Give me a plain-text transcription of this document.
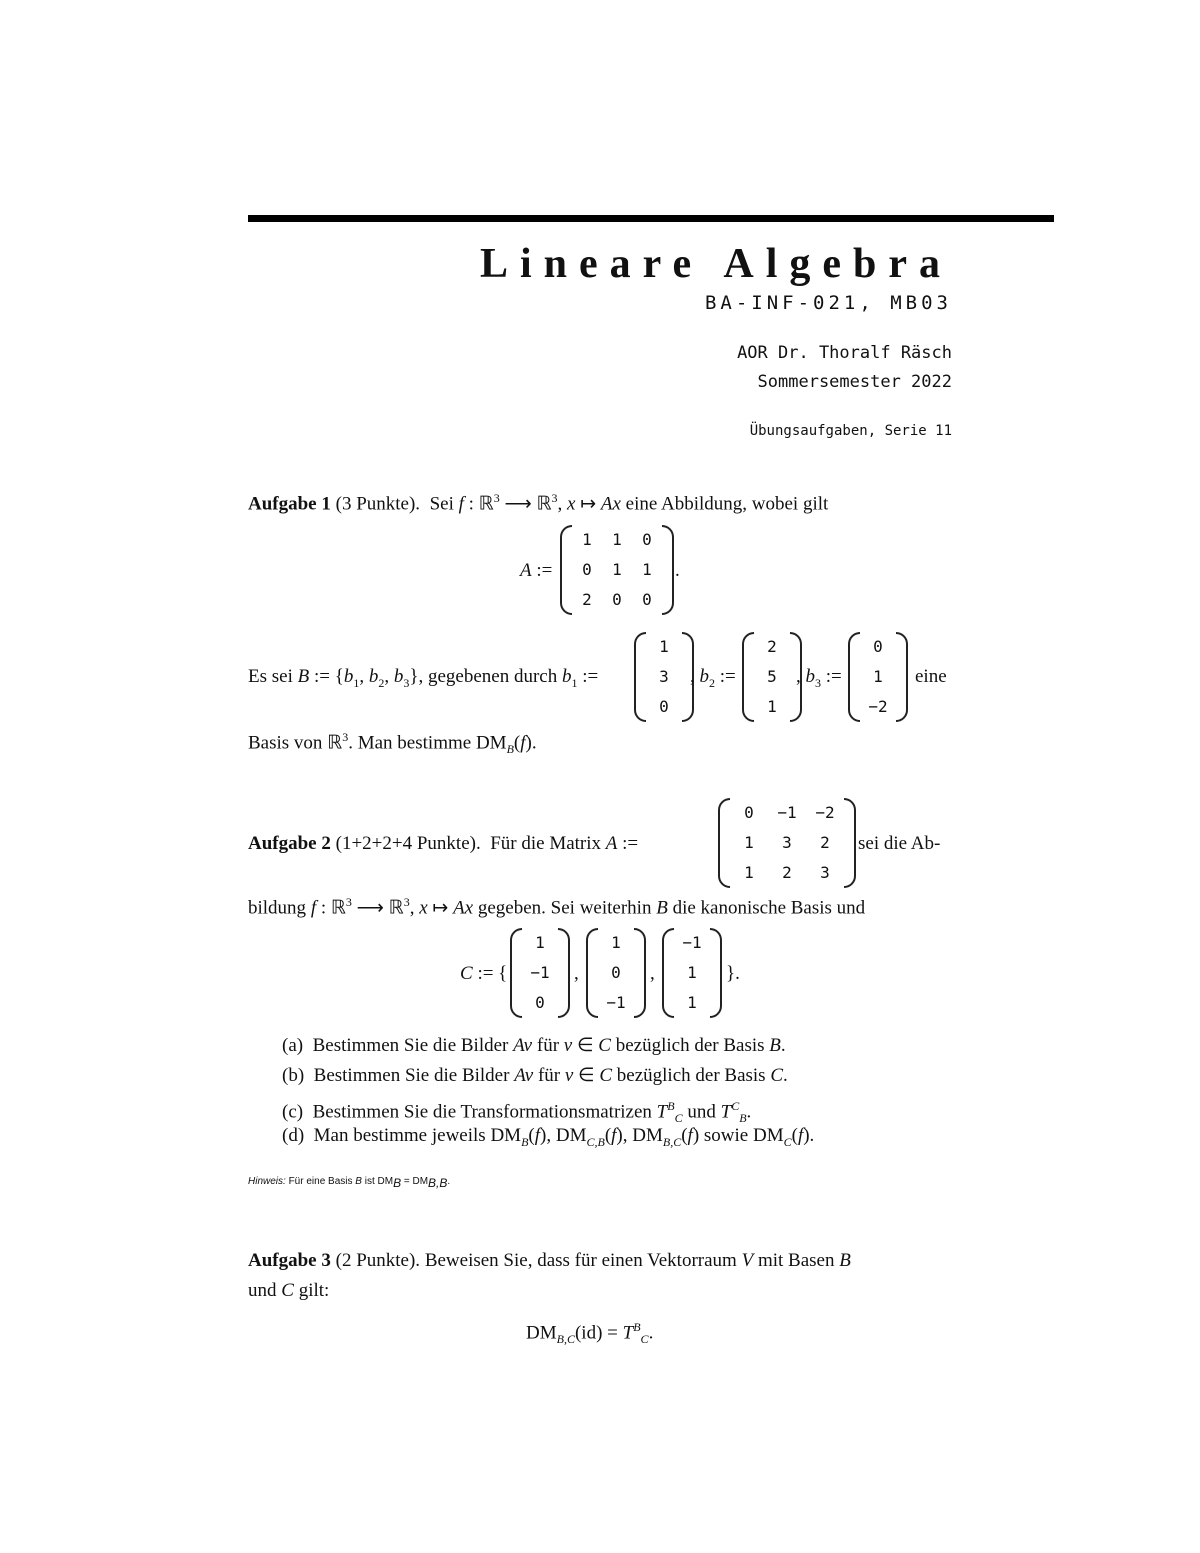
Lineare Algebra
BA-INF-021, MB03
AOR Dr. Thoralf Räsch
Sommersemester 2022
Übungsaufgaben, Serie 11
Aufgabe 1 (3 Punkte).  Sei f : ℝ$^3$ ⟶ ℝ$^3$, x ↦ Ax eine Abbildung, wobei gilt
A :=
1	1	0
0	1	1
2	0	0
.
Es sei B := {$b_1$, $b_2$, $b_3$}, gegebenen durch $b_1$ :=
1
3
0
, $b_2$ :=
2
5
1
, $b_3$ :=
0
1
−2
eine
Basis von ℝ$^3$. Man bestimme $DM_B(f)$.
0	−1	−2
1	3	2
1	2	3
Aufgabe 2 (1+2+2+4 Punkte). Für die Matrix A :=	sei die Ab-
bildung f : ℝ$^3$ ⟶ ℝ$^3$, x ↦ Ax gegeben. Sei weiterhin B die kanonische Basis und
C := {
1
−1
0
,
1
0
−1
,
−1
1
1
}.
(a) Bestimmen Sie die Bilder Av für v ∈ C bezüglich der Basis B.
(b) Bestimmen Sie die Bilder Av für v ∈ C bezüglich der Basis C.
(c) Bestimmen Sie die Transformationsmatrizen $T^B_C$ und $T^C_B$.
(d) Man bestimme jeweils $DM_B(f)$, $DM_{C,B}(f)$, $DM_{B,C}(f)$ sowie $DM_C(f)$.
Hinweis: Für eine Basis B ist $DM_B = DM_{B,B}$.
Aufgabe 3 (2 Punkte). Beweisen Sie, dass für einen Vektorraum V mit Basen B
und C gilt:
$DM_{B,C}(id) = T^B_C$.
